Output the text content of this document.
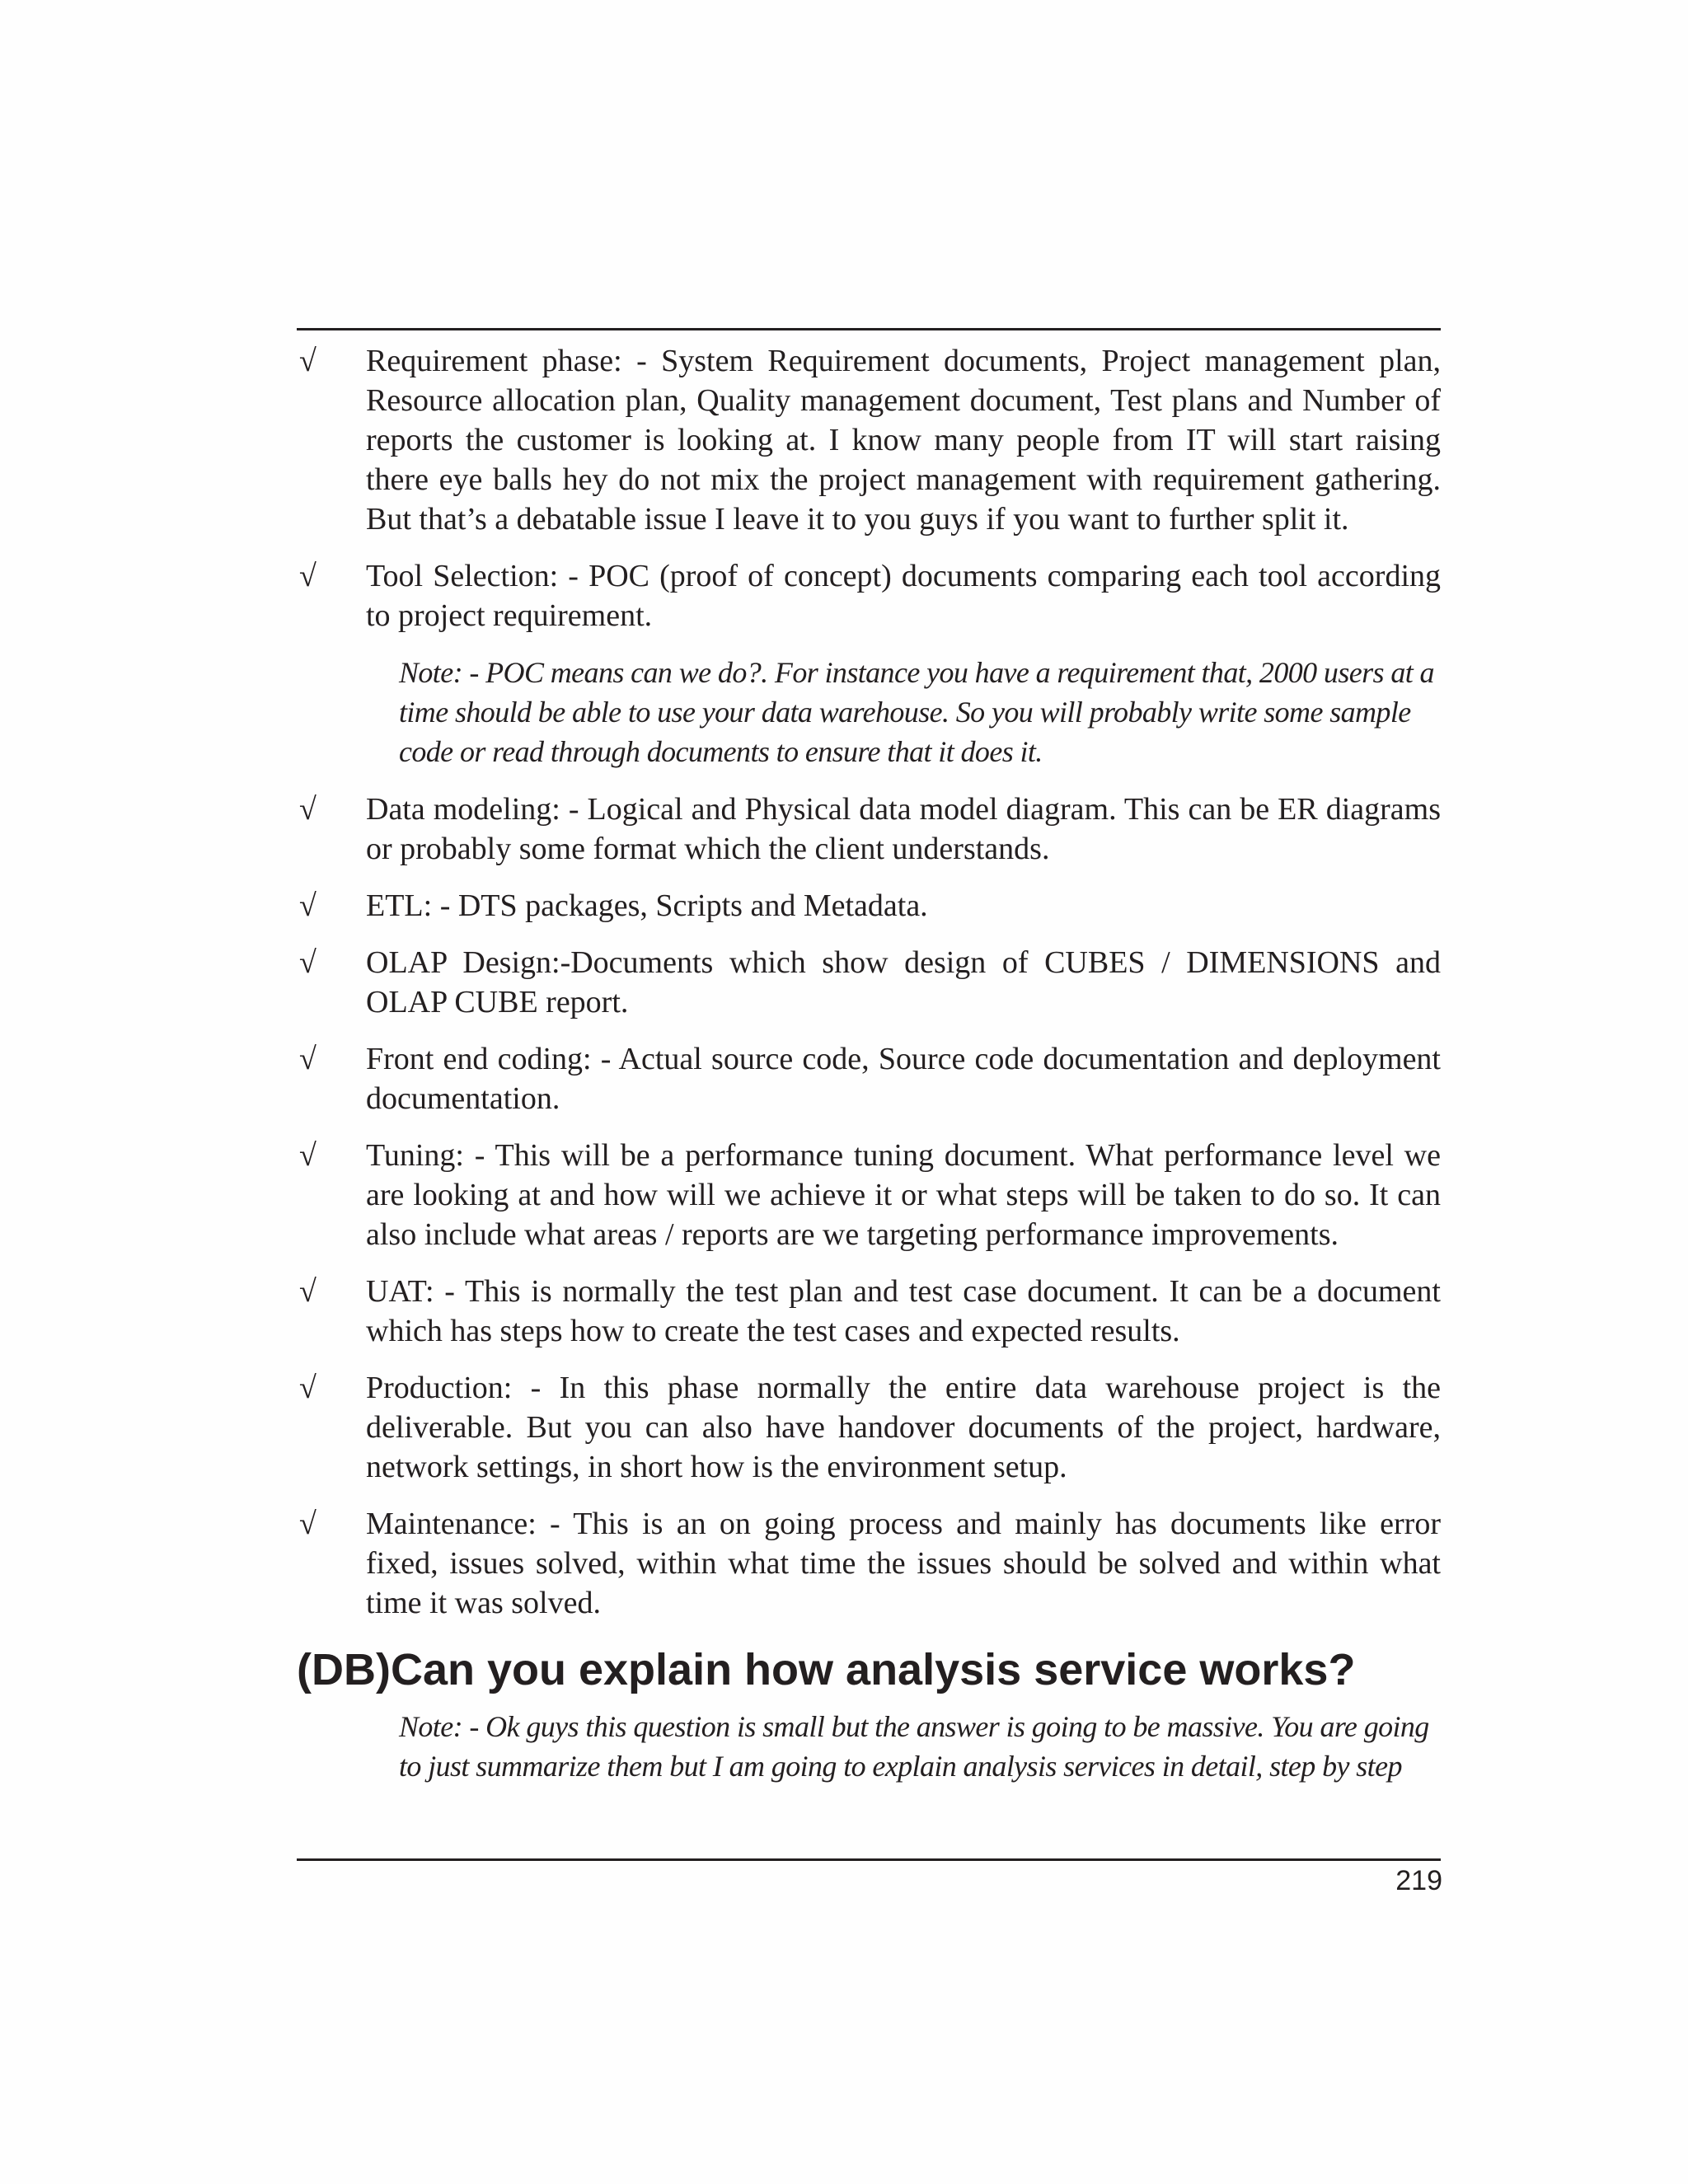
√ Requirement phase: - System Requirement documents, Project management plan, Resource allocation plan, Quality management document, Test plans and Number of reports the customer is looking at. I know many people from IT will start raising there eye balls hey do not mix the project management with requirement gathering. But that’s a debatable issue I leave it to you guys if you want to further split it.
√ Tool Selection: - POC (proof of concept) documents comparing each tool according to project requirement.
Note: - POC means can we do?. For instance you have a requirement that, 2000 users at a time should be able to use your data warehouse. So you will probably write some sample code or read through documents to ensure that it does it.
√ Data modeling: - Logical and Physical data model diagram. This can be ER diagrams or probably some format which the client understands.
√ ETL: - DTS packages, Scripts and Metadata.
√ OLAP Design:-Documents which show design of CUBES / DIMENSIONS and OLAP CUBE report.
√ Front end coding: - Actual source code, Source code documentation and deployment documentation.
√ Tuning: - This will be a performance tuning document. What performance level we are looking at and how will we achieve it or what steps will be taken to do so. It can also include what areas / reports are we targeting performance improvements.
√ UAT: - This is normally the test plan and test case document. It can be a document which has steps how to create the test cases and expected results.
√ Production: - In this phase normally the entire data warehouse project is the deliverable. But you can also have handover documents of the project, hardware, network settings, in short how is the environment setup.
√ Maintenance: - This is an on going process and mainly has documents like error fixed, issues solved, within what time the issues should be solved and within what time it was solved.
(DB)Can you explain how analysis service works?
Note: - Ok guys this question is small but the answer is going to be massive. You are going to just summarize them but I am going to explain analysis services in detail, step by step
219
